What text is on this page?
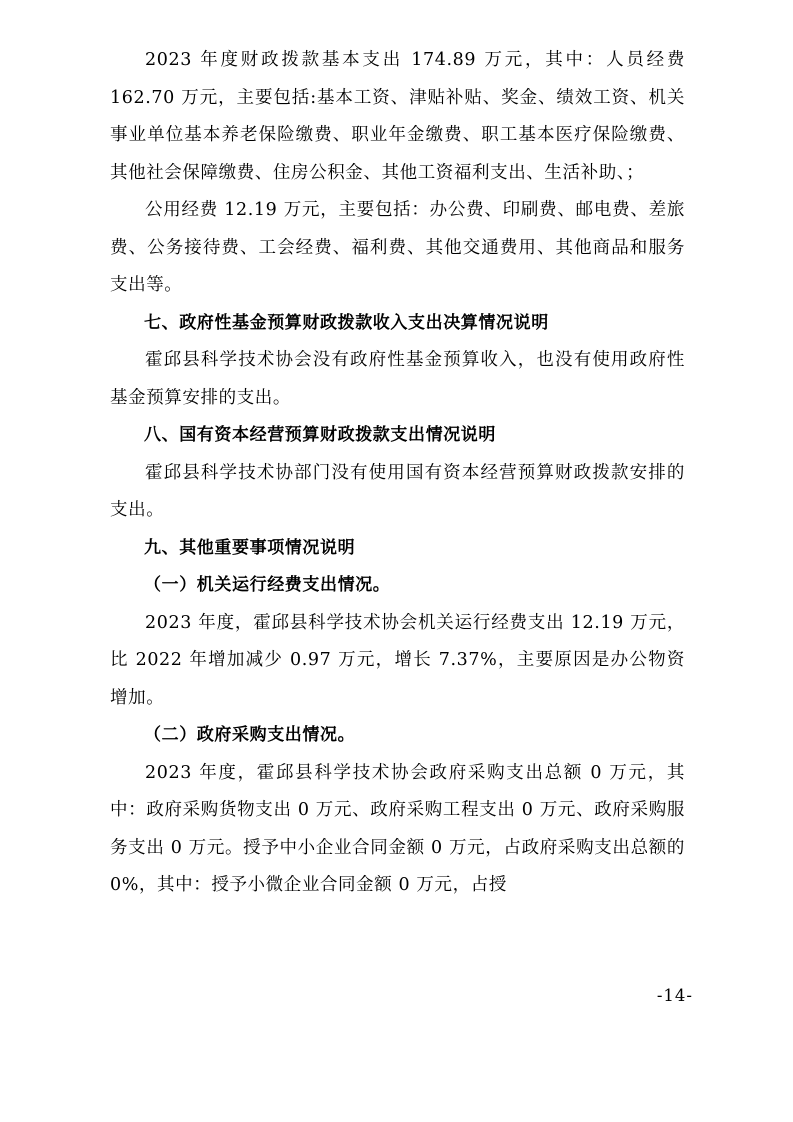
2023 年度财政拨款基本支出 174.89 万元，其中：人员经费 162.70 万元，主要包括:基本工资、津贴补贴、奖金、绩效工资、机关事业单位基本养老保险缴费、职业年金缴费、职工基本医疗保险缴费、其他社会保障缴费、住房公积金、其他工资福利支出、生活补助、；

公用经费 12.19 万元，主要包括：办公费、印刷费、邮电费、差旅费、公务接待费、工会经费、福利费、其他交通费用、其他商品和服务支出等。

七、政府性基金预算财政拨款收入支出决算情况说明

霍邱县科学技术协会没有政府性基金预算收入，也没有使用政府性基金预算安排的支出。

八、国有资本经营预算财政拨款支出情况说明

霍邱县科学技术协部门没有使用国有资本经营预算财政拨款安排的支出。

九、其他重要事项情况说明

（一）机关运行经费支出情况。

2023 年度，霍邱县科学技术协会机关运行经费支出 12.19 万元，比 2022 年增加减少 0.97 万元，增长 7.37%，主要原因是办公物资增加。

（二）政府采购支出情况。

2023 年度，霍邱县科学技术协会政府采购支出总额 0 万元，其中：政府采购货物支出 0 万元、政府采购工程支出 0 万元、政府采购服务支出 0 万元。授予中小企业合同金额 0 万元，占政府采购支出总额的 0%，其中：授予小微企业合同金额 0 万元，占授

-14-
